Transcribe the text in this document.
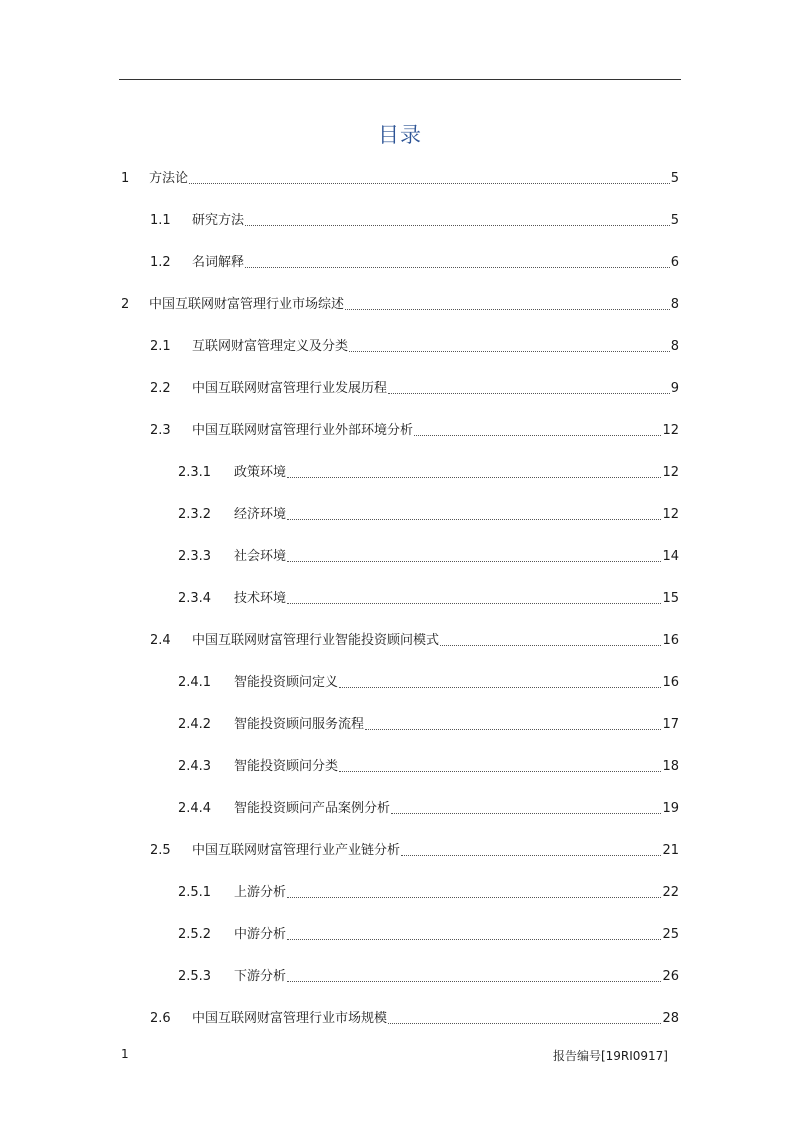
目录
1	方法论	5
1.1	研究方法	5
1.2	名词解释	6
2	中国互联网财富管理行业市场综述	8
2.1	互联网财富管理定义及分类	8
2.2	中国互联网财富管理行业发展历程	9
2.3	中国互联网财富管理行业外部环境分析	12
2.3.1	政策环境	12
2.3.2	经济环境	12
2.3.3	社会环境	14
2.3.4	技术环境	15
2.4	中国互联网财富管理行业智能投资顾问模式	16
2.4.1	智能投资顾问定义	16
2.4.2	智能投资顾问服务流程	17
2.4.3	智能投资顾问分类	18
2.4.4	智能投资顾问产品案例分析	19
2.5	中国互联网财富管理行业产业链分析	21
2.5.1	上游分析	22
2.5.2	中游分析	25
2.5.3	下游分析	26
2.6	中国互联网财富管理行业市场规模	28
1	报告编号[19RI0917]
